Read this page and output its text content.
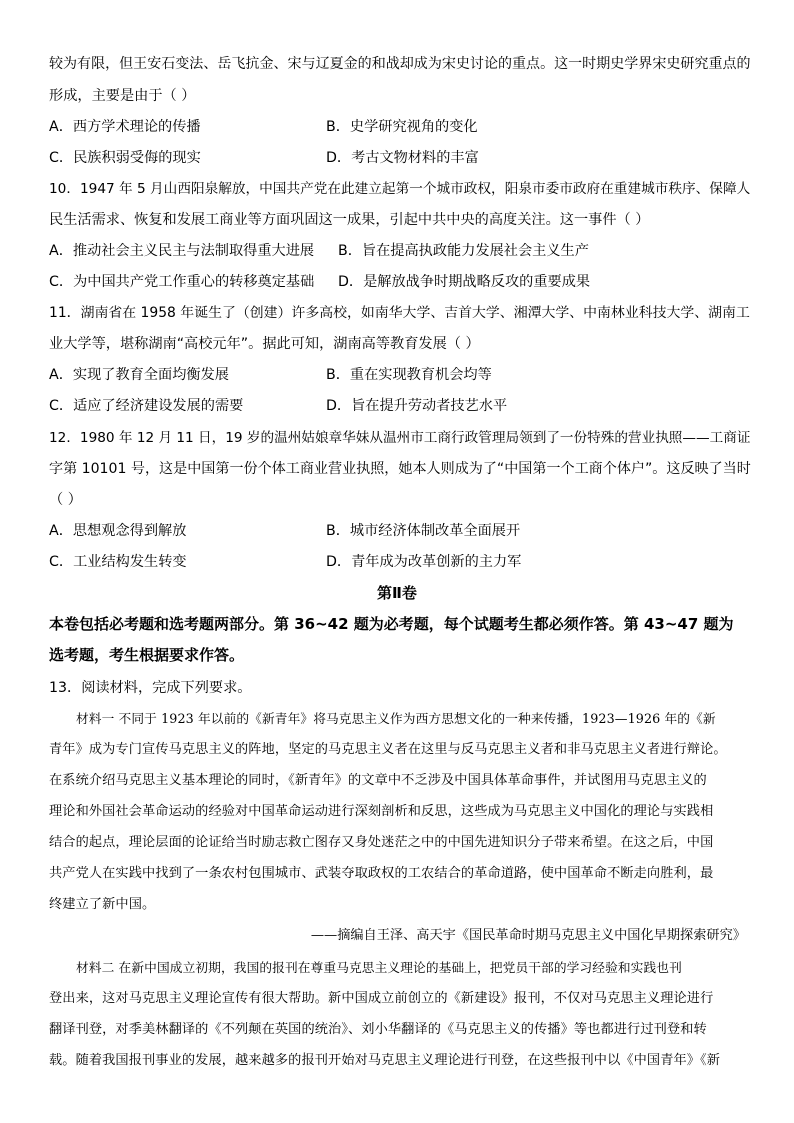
较为有限，但王安石变法、岳飞抗金、宋与辽夏金的和战却成为宋史讨论的重点。这一时期史学界宋史研究重点的
形成，主要是由于（ ）
A．西方学术理论的传播	B．史学研究视角的变化
C．民族积弱受侮的现实	D．考古文物材料的丰富
10．1947 年 5 月山西阳泉解放，中国共产党在此建立起第一个城市政权，阳泉市委市政府在重建城市秩序、保障人
民生活需求、恢复和发展工商业等方面巩固这一成果，引起中共中央的高度关注。这一事件（ ）
A．推动社会主义民主与法制取得重大进展 B．旨在提高执政能力发展社会主义生产
C．为中国共产党工作重心的转移奠定基础 D．是解放战争时期战略反攻的重要成果
11．湖南省在 1958 年诞生了（创建）许多高校，如南华大学、吉首大学、湘潭大学、中南林业科技大学、湖南工
业大学等，堪称湖南“高校元年”。据此可知，湖南高等教育发展（ ）
A．实现了教育全面均衡发展	B．重在实现教育机会均等
C．适应了经济建设发展的需要	D．旨在提升劳动者技艺水平
12．1980 年 12 月 11 日，19 岁的温州姑娘章华妹从温州市工商行政管理局领到了一份特殊的营业执照——工商证
字第 10101 号，这是中国第一份个体工商业营业执照，她本人则成为了“中国第一个工商个体户”。这反映了当时
（ ）
A．思想观念得到解放	B．城市经济体制改革全面展开
C．工业结构发生转变	D．青年成为改革创新的主力军
第Ⅱ卷
本卷包括必考题和选考题两部分。第 36~42 题为必考题，每个试题考生都必须作答。第 43~47 题为
选考题，考生根据要求作答。
13．阅读材料，完成下列要求。
材料一 不同于 1923 年以前的《新青年》将马克思主义作为西方思想文化的一种来传播，1923—1926 年的《新
青年》成为专门宣传马克思主义的阵地，坚定的马克思主义者在这里与反马克思主义者和非马克思主义者进行辩论。
在系统介绍马克思主义基本理论的同时，《新青年》的文章中不乏涉及中国具体革命事件，并试图用马克思主义的
理论和外国社会革命运动的经验对中国革命运动进行深刻剖析和反思，这些成为马克思主义中国化的理论与实践相
结合的起点，理论层面的论证给当时励志救亡图存又身处迷茫之中的中国先进知识分子带来希望。在这之后，中国
共产党人在实践中找到了一条农村包围城市、武装夺取政权的工农结合的革命道路，使中国革命不断走向胜利，最
终建立了新中国。
——摘编自王泽、高天宇《国民革命时期马克思主义中国化早期探索研究》
材料二 在新中国成立初期，我国的报刊在尊重马克思主义理论的基础上，把党员干部的学习经验和实践也刊
登出来，这对马克思主义理论宣传有很大帮助。新中国成立前创立的《新建设》报刊，不仅对马克思主义理论进行
翻译刊登，对季美林翻译的《不列颠在英国的统治》、刘小华翻译的《马克思主义的传播》等也都进行过刊登和转
载。随着我国报刊事业的发展，越来越多的报刊开始对马克思主义理论进行刊登，在这些报刊中以《中国青年》《新
